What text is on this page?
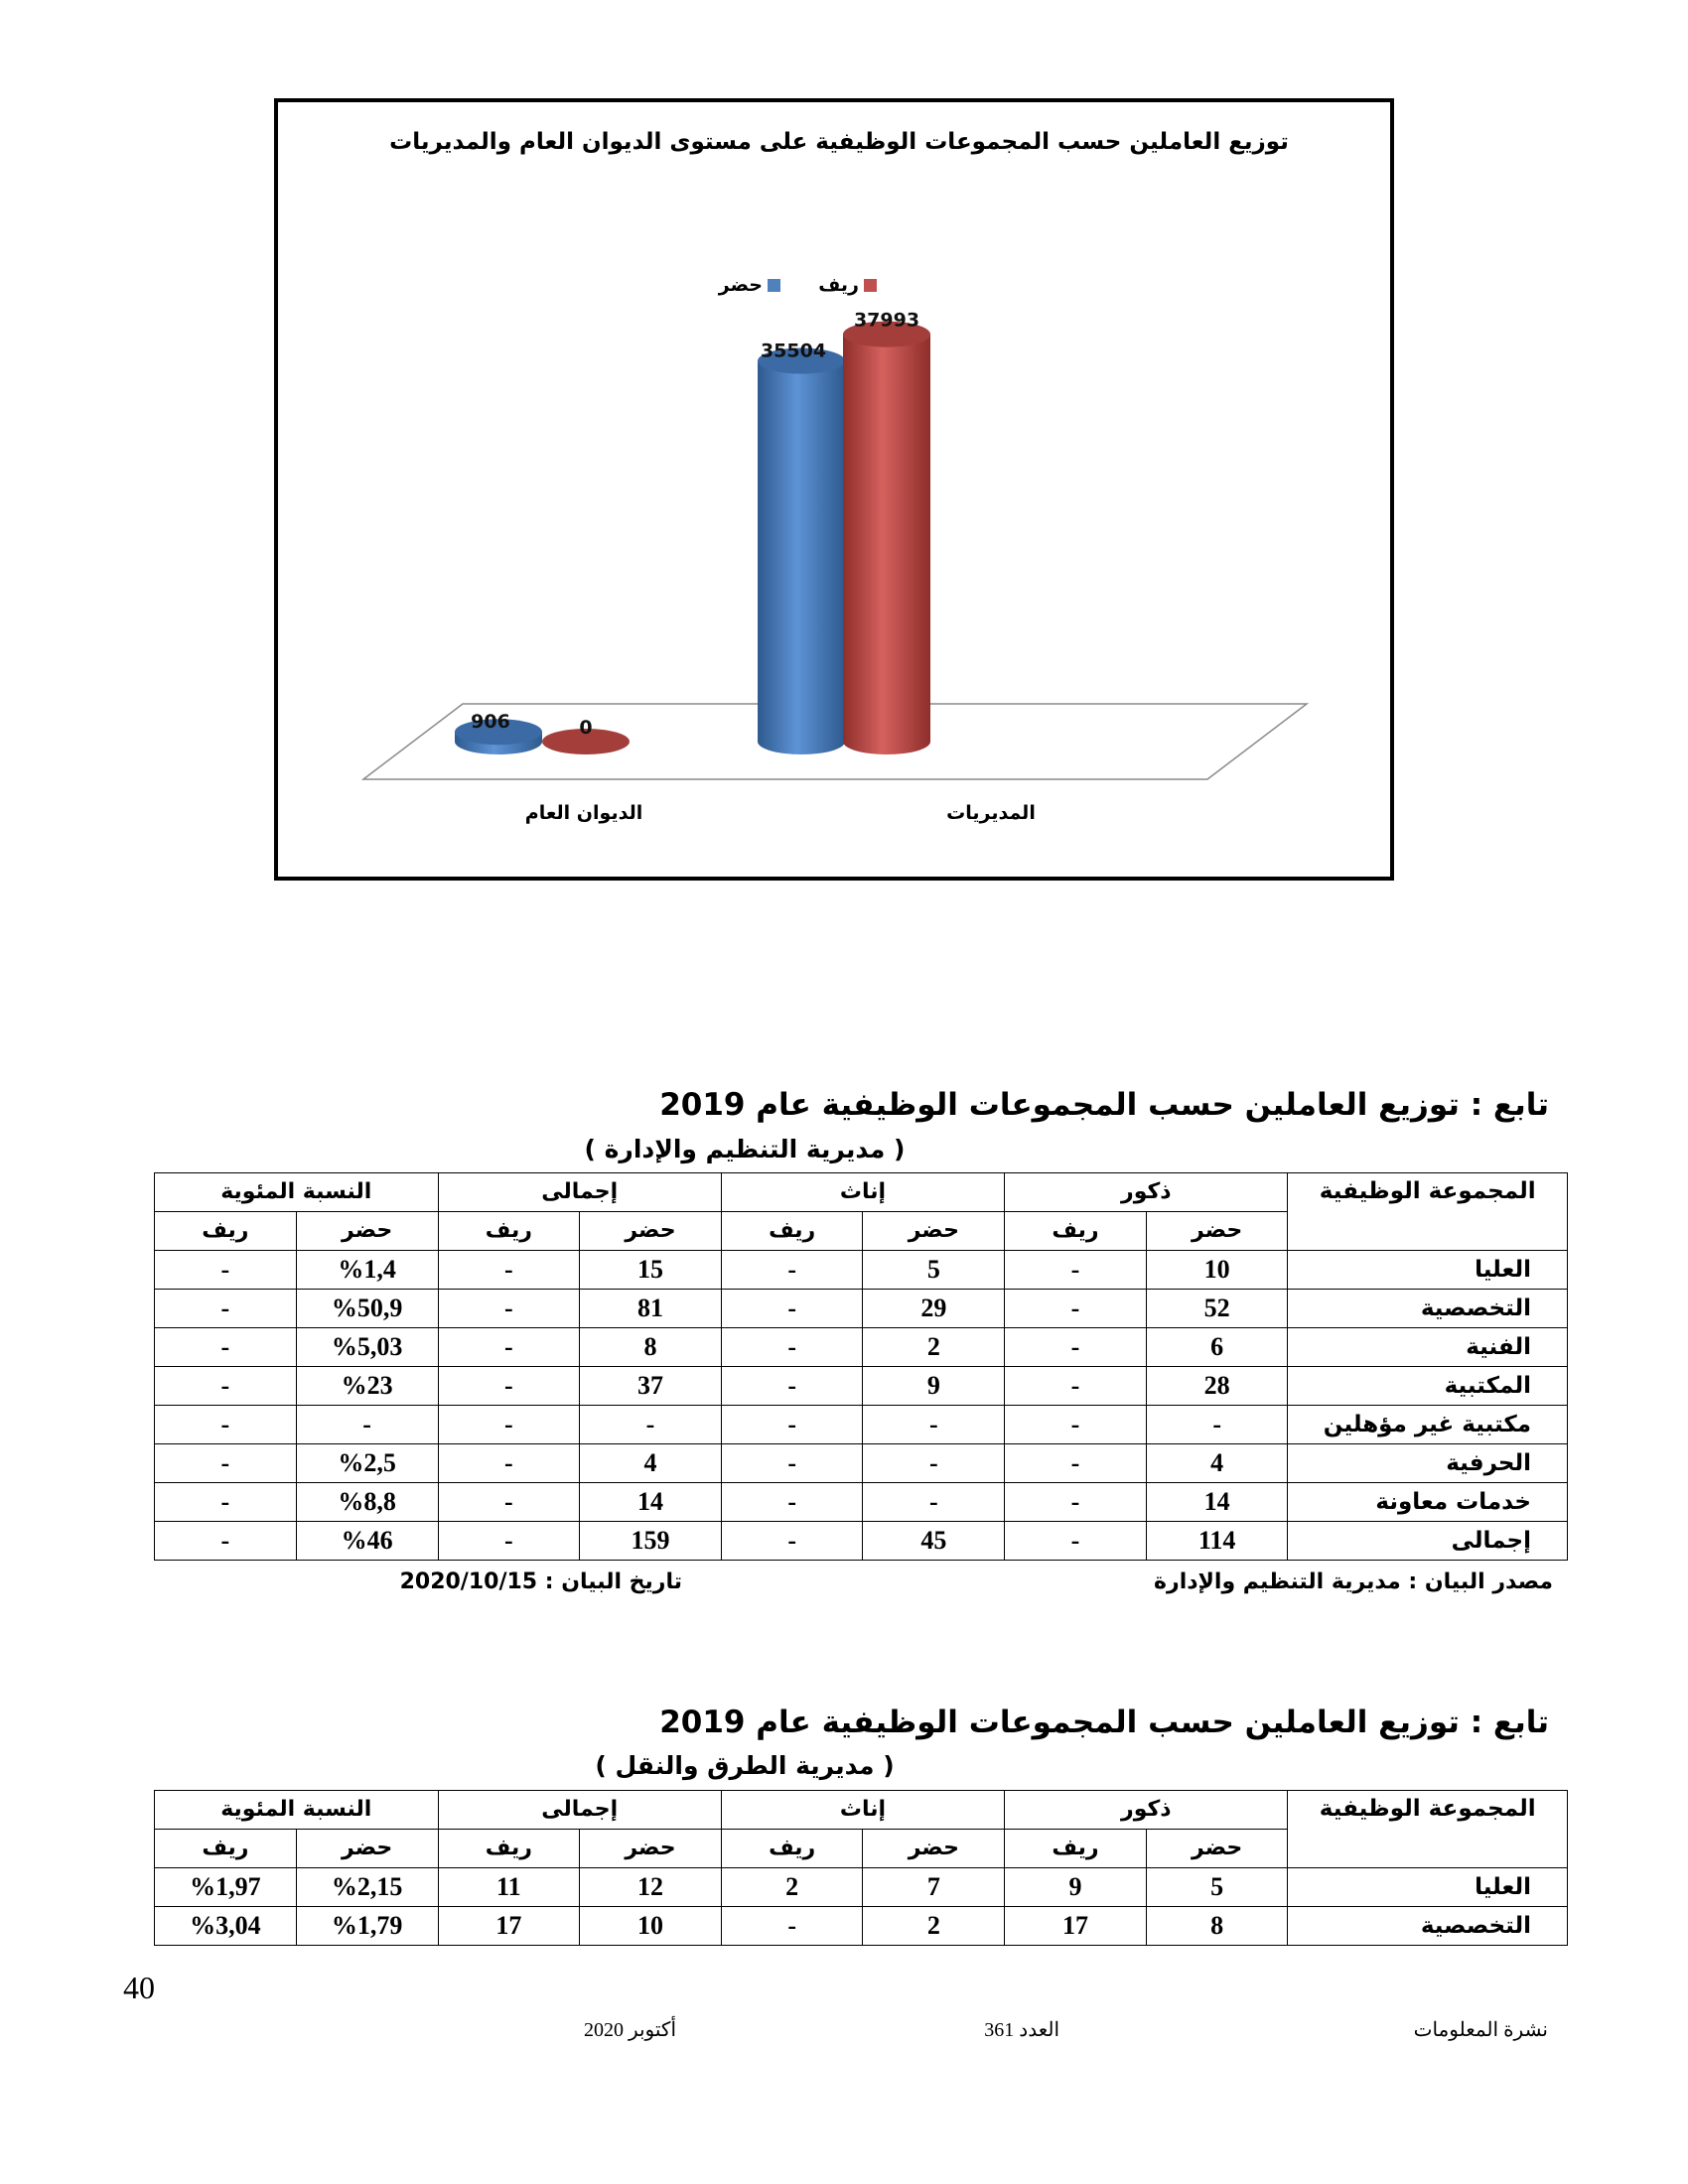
توزيع العاملين حسب المجموعات الوظيفية على مستوى الديوان العام والمديريات
ريف
حضر
906
35504
0
37993
الديوان العام	المديريات
تابع : توزيع العاملين حسب المجموعات الوظيفية عام 2019
( مديرية التنظيم والإدارة )
المجموعة الوظيفية	ذكور		إناث		إجمالى		النسبة المئوية	
	حضر	ريف	حضر	ريف	حضر	ريف	حضر	ريف
العليا	10	-	5	-	15	-	%1,4	-
التخصصية	52	-	29	-	81	-	%50,9	-
الفنية	6	-	2	-	8	-	%5,03	-
المكتبية	28	-	9	-	37	-	%23	-
مكتبية غير مؤهلين	-	-	-	-	-	-	-	-
الحرفية	4	-	-	-	4	-	%2,5	-
خدمات معاونة	14	-	-	-	14	-	%8,8	-
إجمالى	114	-	45	-	159	-	%46	-
مصدر البيان : مديرية التنظيم والإدارة
تاريخ البيان : 2020/10/15
تابع : توزيع العاملين حسب المجموعات الوظيفية عام 2019
( مديرية الطرق والنقل )
المجموعة الوظيفية	ذكور		إناث		إجمالى		النسبة المئوية	
	حضر	ريف	حضر	ريف	حضر	ريف	حضر	ريف
العليا	5	9	7	2	12	11	%2,15	%1,97
التخصصية	8	17	2	-	10	17	%1,79	%3,04
40
نشرة المعلومات
العدد 361
أكتوبر 2020
